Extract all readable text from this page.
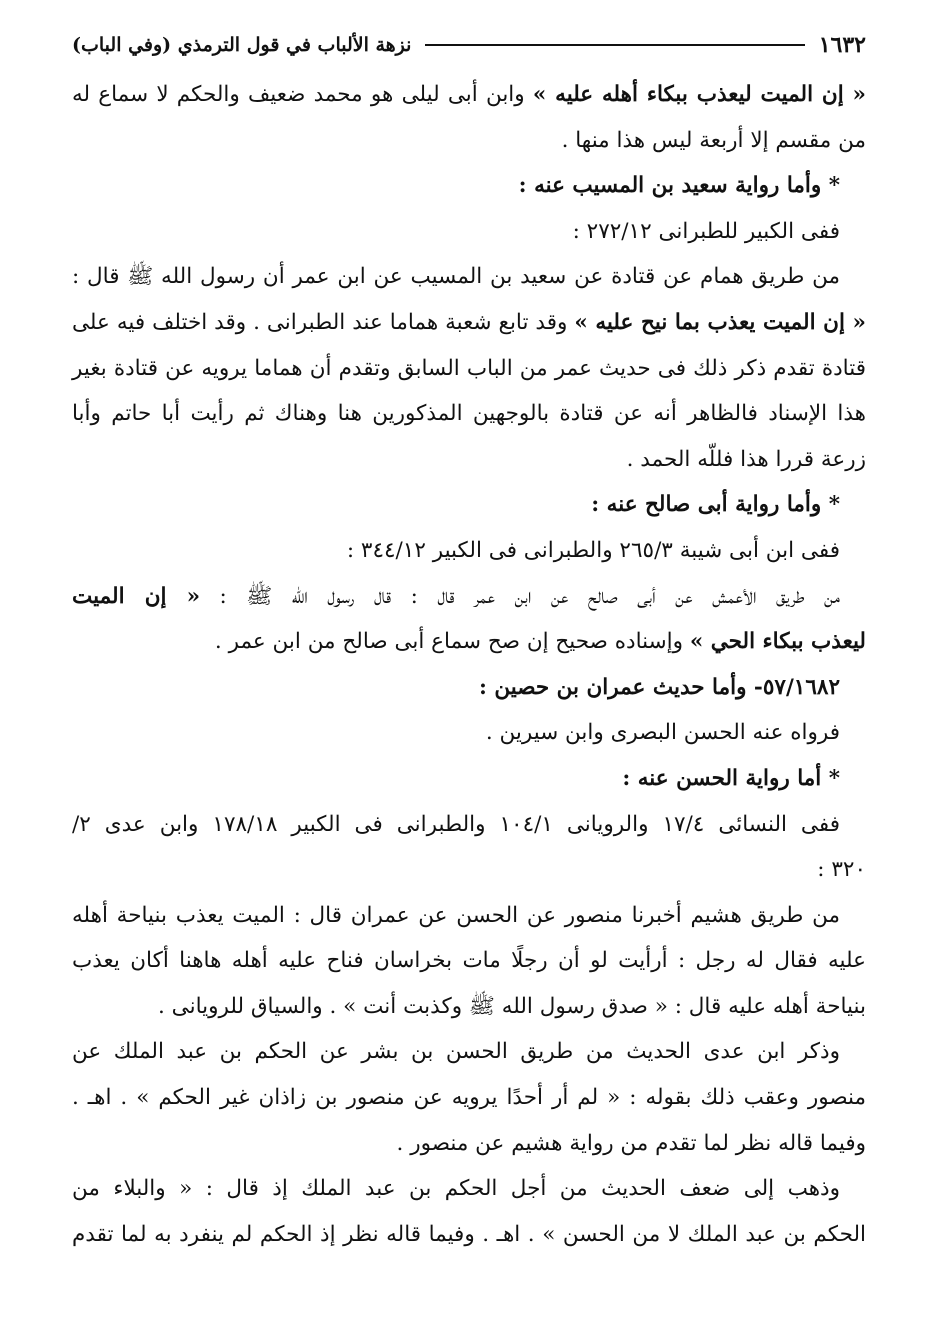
١٦٣٢
نزهة الألباب في قول الترمذي (وفي الباب)
« إن الميت ليعذب ببكاء أهله عليه » وابن أبى ليلى هو محمد ضعيف والحكم لا سماع له
من مقسم إلا أربعة ليس هذا منها .
* وأما رواية سعيد بن المسيب عنه :
ففى الكبير للطبرانى ٢٧٢/١٢ :
من طريق همام عن قتادة عن سعيد بن المسيب عن ابن عمر أن رسول الله ﷺ قال :
« إن الميت يعذب بما نيح عليه » وقد تابع شعبة هماما عند الطبرانى . وقد اختلف فيه على
قتادة تقدم ذكر ذلك فى حديث عمر من الباب السابق وتقدم أن هماما يرويه عن قتادة بغير
هذا الإسناد فالظاهر أنه عن قتادة بالوجهين المذكورين هنا وهناك ثم رأيت أبا حاتم وأبا
زرعة قررا هذا فللّه الحمد .
* وأما رواية أبى صالح عنه :
ففى ابن أبى شيبة ٢٦٥/٣ والطبرانى فى الكبير ٣٤٤/١٢ :
من طريق الأعمش عن أبى صالح عن ابن عمر قال : قال رسول الله ﷺ : « إن الميت
ليعذب ببكاء الحي » وإسناده صحيح إن صح سماع أبى صالح من ابن عمر .
٥٧/١٦٨٢- وأما حديث عمران بن حصين :
فرواه عنه الحسن البصرى وابن سيرين .
* أما رواية الحسن عنه :
ففى النسائى ١٧/٤ والرويانى ١٠٤/١ والطبرانى فى الكبير ١٧٨/١٨ وابن عدى ٢/
٣٢٠ :
من طريق هشيم أخبرنا منصور عن الحسن عن عمران قال : الميت يعذب بنياحة أهله
عليه فقال له رجل : أرأيت لو أن رجلًا مات بخراسان فناح عليه أهله هاهنا أكان يعذب
بنياحة أهله عليه قال : « صدق رسول الله ﷺ وكذبت أنت » . والسياق للرويانى .
وذكر ابن عدى الحديث من طريق الحسن بن بشر عن الحكم بن عبد الملك عن
منصور وعقب ذلك بقوله : « لم أر أحدًا يرويه عن منصور بن زاذان غير الحكم » . اهـ .
وفيما قاله نظر لما تقدم من رواية هشيم عن منصور .
وذهب إلى ضعف الحديث من أجل الحكم بن عبد الملك إذ قال : « والبلاء من
الحكم بن عبد الملك لا من الحسن » . اهـ . وفيما قاله نظر إذ الحكم لم ينفرد به لما تقدم
